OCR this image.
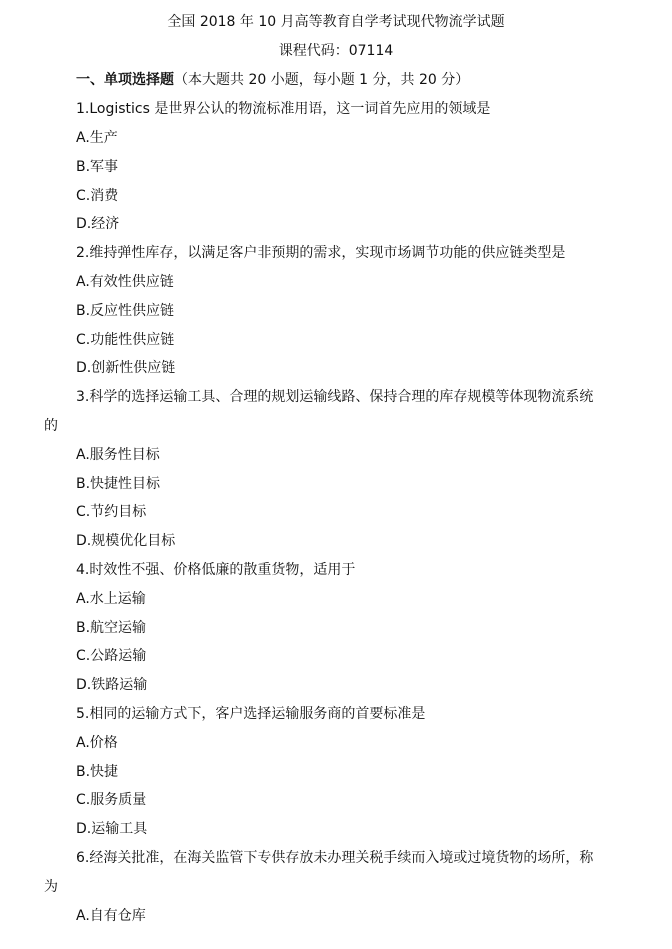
全国 2018 年 10 月高等教育自学考试现代物流学试题
课程代码：07114
一、单项选择题（本大题共 20 小题，每小题 1 分，共 20 分）
1.Logistics 是世界公认的物流标准用语，这一词首先应用的领域是
A.生产
B.军事
C.消费
D.经济
2.维持弹性库存，以满足客户非预期的需求，实现市场调节功能的供应链类型是
A.有效性供应链
B.反应性供应链
C.功能性供应链
D.创新性供应链
3.科学的选择运输工具、合理的规划运输线路、保持合理的库存规模等体现物流系统
的
A.服务性目标
B.快捷性目标
C.节约目标
D.规模优化目标
4.时效性不强、价格低廉的散重货物，适用于
A.水上运输
B.航空运输
C.公路运输
D.铁路运输
5.相同的运输方式下，客户选择运输服务商的首要标准是
A.价格
B.快捷
C.服务质量
D.运输工具
6.经海关批准，在海关监管下专供存放未办理关税手续而入境或过境货物的场所，称
为
A.自有仓库
